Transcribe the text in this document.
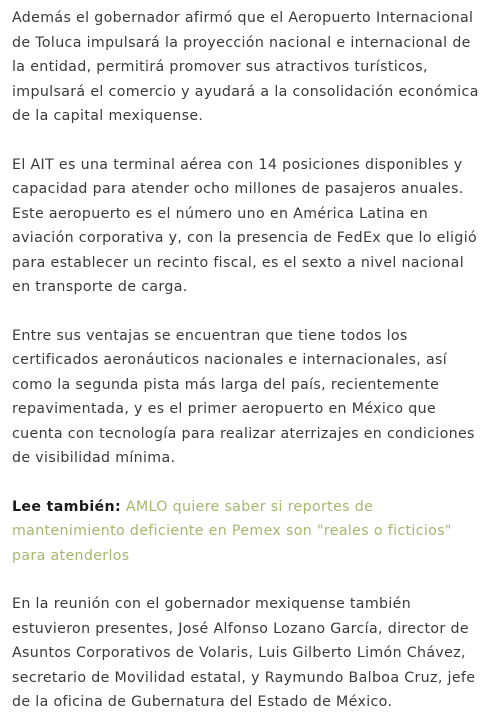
Además el gobernador afirmó que el Aeropuerto Internacional de Toluca impulsará la proyección nacional e internacional de la entidad, permitirá promover sus atractivos turísticos, impulsará el comercio y ayudará a la consolidación económica de la capital mexiquense.

El AIT es una terminal aérea con 14 posiciones disponibles y capacidad para atender ocho millones de pasajeros anuales. Este aeropuerto es el número uno en América Latina en aviación corporativa y, con la presencia de FedEx que lo eligió para establecer un recinto fiscal, es el sexto a nivel nacional en transporte de carga.

Entre sus ventajas se encuentran que tiene todos los certificados aeronáuticos nacionales e internacionales, así como la segunda pista más larga del país, recientemente repavimentada, y es el primer aeropuerto en México que cuenta con tecnología para realizar aterrizajes en condiciones de visibilidad mínima.

Lee también: AMLO quiere saber si reportes de mantenimiento deficiente en Pemex son "reales o ficticios" para atenderlos

En la reunión con el gobernador mexiquense también estuvieron presentes, José Alfonso Lozano García, director de Asuntos Corporativos de Volaris, Luis Gilberto Limón Chávez, secretario de Movilidad estatal, y Raymundo Balboa Cruz, jefe de la oficina de Gubernatura del Estado de México.
